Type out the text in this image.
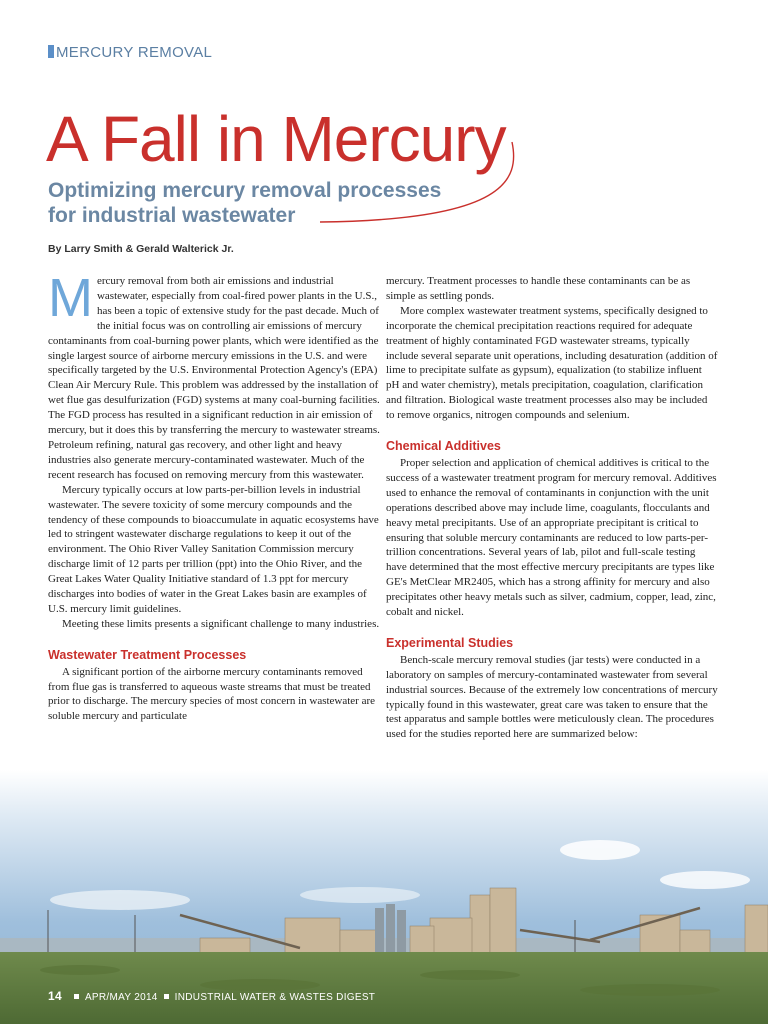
MERCURY REMOVAL
A Fall in Mercury
Optimizing mercury removal processes
for industrial wastewater
By Larry Smith & Gerald Walterick Jr.

Mercury removal from both air emissions and industrial wastewater, especially from coal-fired power plants in the U.S., has been a topic of extensive study for the past decade. Much of the initial focus was on controlling air emissions of mercury contaminants from coal-burning power plants, which were identified as the single largest source of airborne mercury emissions in the U.S. and were specifically targeted by the U.S. Environmental Protection Agency's (EPA) Clean Air Mercury Rule. This problem was addressed by the installation of wet flue gas desulfurization (FGD) systems at many coal-burning facilities. The FGD process has resulted in a significant reduction in air emission of mercury, but it does this by transferring the mercury to wastewater streams. Petroleum refining, natural gas recovery, and other light and heavy industries also generate mercury-contaminated wastewater. Much of the recent research has focused on removing mercury from this wastewater.

Mercury typically occurs at low parts-per-billion levels in industrial wastewater. The severe toxicity of some mercury compounds and the tendency of these compounds to bioaccumulate in aquatic ecosystems have led to stringent wastewater discharge regulations to keep it out of the environment. The Ohio River Valley Sanitation Commission mercury discharge limit of 12 parts per trillion (ppt) into the Ohio River, and the Great Lakes Water Quality Initiative standard of 1.3 ppt for mercury discharges into bodies of water in the Great Lakes basin are examples of U.S. mercury limit guidelines.

Meeting these limits presents a significant challenge to many industries.

Wastewater Treatment Processes

A significant portion of the airborne mercury contaminants removed from flue gas is transferred to aqueous waste streams that must be treated prior to discharge. The mercury species of most concern in wastewater are soluble mercury and particulate

mercury. Treatment processes to handle these contaminants can be as simple as settling ponds.

More complex wastewater treatment systems, specifically designed to incorporate the chemical precipitation reactions required for adequate treatment of highly contaminated FGD wastewater streams, typically include several separate unit operations, including desaturation (addition of lime to precipitate sulfate as gypsum), equalization (to stabilize influent pH and water chemistry), metals precipitation, coagulation, clarification and filtration. Biological waste treatment processes also may be included to remove organics, nitrogen compounds and selenium.

Chemical Additives

Proper selection and application of chemical additives is critical to the success of a wastewater treatment program for mercury removal. Additives used to enhance the removal of contaminants in conjunction with the unit operations described above may include lime, coagulants, flocculants and heavy metal precipitants. Use of an appropriate precipitant is critical to ensuring that soluble mercury contaminants are reduced to low parts-per-trillion concentrations. Several years of lab, pilot and full-scale testing have determined that the most effective mercury precipitants are types like GE's MetClear MR2405, which has a strong affinity for mercury and also precipitates other heavy metals such as silver, cadmium, copper, lead, zinc, cobalt and nickel.

Experimental Studies

Bench-scale mercury removal studies (jar tests) were conducted in a laboratory on samples of mercury-contaminated wastewater from several industrial sources. Because of the extremely low concentrations of mercury typically found in this wastewater, great care was taken to ensure that the test apparatus and sample bottles were meticulously clean. The procedures used for the studies reported here are summarized below:

14 APR/MAY 2014 INDUSTRIAL WATER & WASTES DIGEST
